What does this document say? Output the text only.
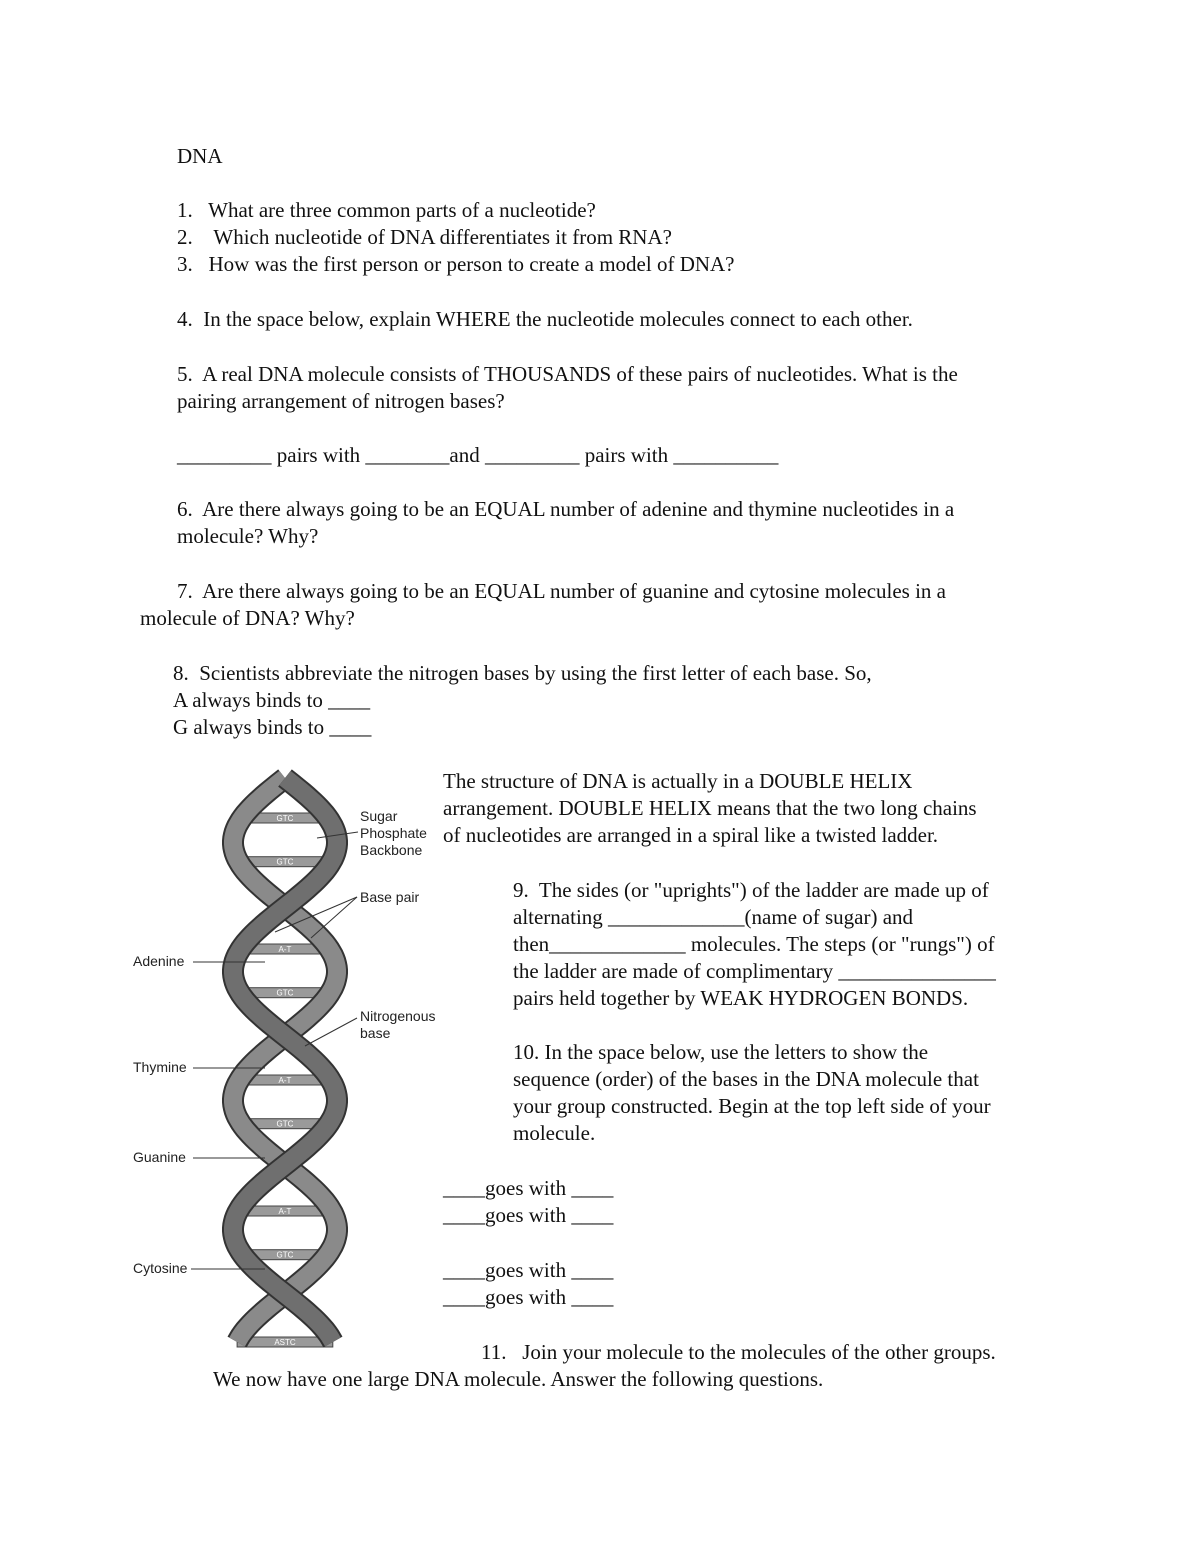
DNA
1.   What are three common parts of a nucleotide?
2.    Which nucleotide of DNA differentiates it from RNA?
3.   How was the first person or person to create a model of DNA?
4.  In the space below, explain WHERE the nucleotide molecules connect to each other.
5.  A real DNA molecule consists of THOUSANDS of these pairs of nucleotides. What is the
pairing arrangement of nitrogen bases?
_________ pairs with ________and _________ pairs with __________
6.  Are there always going to be an EQUAL number of adenine and thymine nucleotides in a
molecule? Why?
7.  Are there always going to be an EQUAL number of guanine and cytosine molecules in a
molecule of DNA? Why?
8.  Scientists abbreviate the nitrogen bases by using the first letter of each base. So,
A always binds to ____
G always binds to ____
GTC
GTC
A-T
GTC
A-T
GTC
A-T
GTC
ASTC
Sugar
Phosphate
Backbone
Base pair
Nitrogenous
base
Adenine
Thymine
Guanine
Cytosine
The structure of DNA is actually in a DOUBLE HELIX
arrangement. DOUBLE HELIX means that the two long chains
of nucleotides are arranged in a spiral like a twisted ladder.
9.  The sides (or "uprights") of the ladder are made up of
alternating _____________(name of sugar) and
then_____________ molecules. The steps (or "rungs") of
the ladder are made of complimentary _______________
pairs held together by WEAK HYDROGEN BONDS.
10. In the space below, use the letters to show the
sequence (order) of the bases in the DNA molecule that
your group constructed. Begin at the top left side of your
molecule.
____goes with ____
____goes with ____
____goes with ____
____goes with ____
11.   Join your molecule to the molecules of the other groups.
We now have one large DNA molecule. Answer the following questions.
